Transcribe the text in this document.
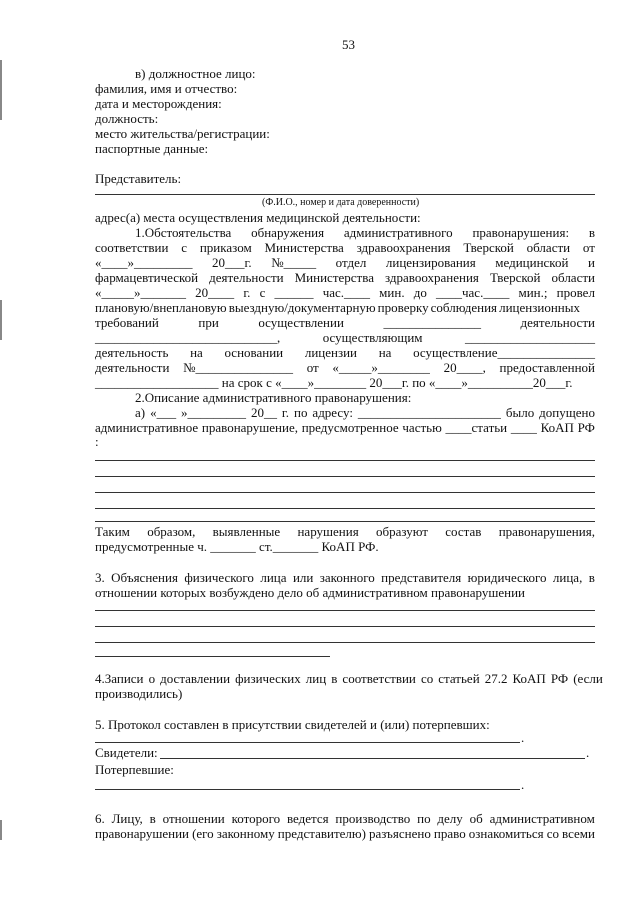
53
в) должностное лицо:
фамилия, имя и отчество:
дата и месторождения:
должность:
место жительства/регистрации:
паспортные данные:
Представитель:
(Ф.И.О., номер и дата доверенности)
адрес(а) места осуществления медицинской деятельности:
1.Обстоятельства обнаружения административного правонарушения: в
соответствии с приказом Министерства здравоохранения Тверской области от
«____»_________ 20___г. №_____ отдел лицензирования медицинской и
фармацевтической деятельности Министерства здравоохранения Тверской области
«_____»_______ 20____ г. с ______ час.____ мин. до ____час.____ мин.; провел
плановую/внеплановую выездную/документарную проверку соблюдения лицензионных
требований	при	осуществлении	_______________	деятельности
____________________________,	осуществляющим	____________________
деятельность на основании лицензии на осуществление_______________
деятельности №_______________ от «_____»________ 20____, предоставленной
___________________ на срок с «____»________ 20___г. по «____»__________20___г.
2.Описание административного правонарушения:
а) «___ »_________ 20__ г. по адресу: ______________________ было допущено
административное правонарушение, предусмотренное частью ____статьи ____ КоАП РФ
:
Таким образом, выявленные нарушения образуют состав правонарушения,
предусмотренные ч. _______ ст._______ КоАП РФ.
3. Объяснения физического лица или законного представителя юридического лица, в
отношении которых возбуждено дело об административном правонарушении
4.Записи о доставлении физических лиц в соответствии со статьей 27.2 КоАП РФ (если
производились)
5. Протокол составлен в присутствии свидетелей и (или) потерпевших:
.
Свидетели:	.
Потерпевшие:
.
6. Лицу, в отношении которого ведется производство по делу об административном
правонарушении (его законному представителю) разъяснено право ознакомиться со всеми
